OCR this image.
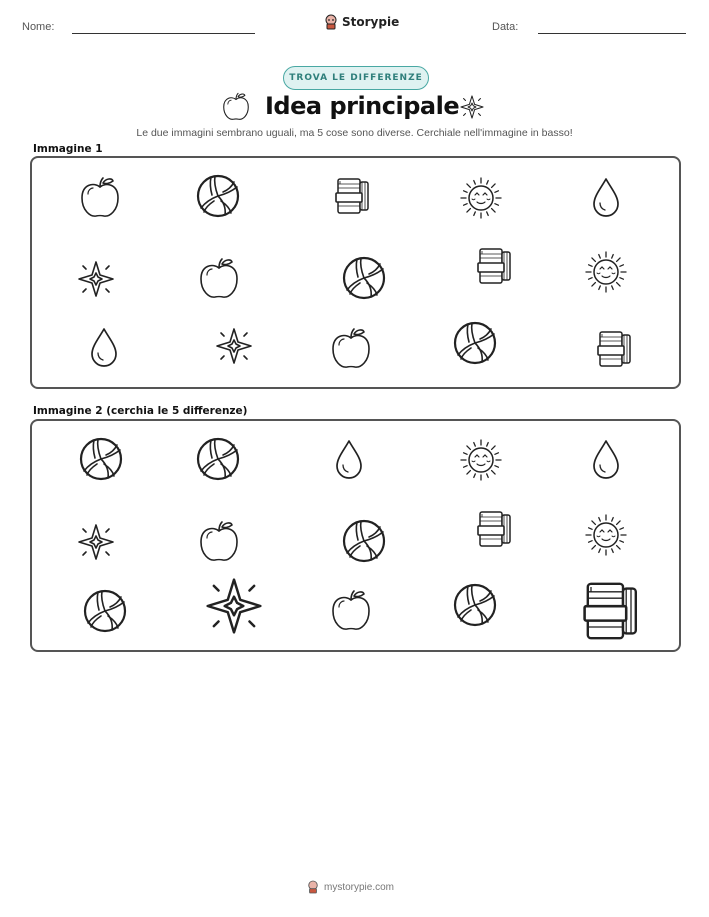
Nome:	Storypie	Data:
TROVA LE DIFFERENZE
Idea principale
Le due immagini sembrano uguali, ma 5 cose sono diverse. Cerchiale nell'immagine in basso!
Immagine 1
Immagine 2 (cerchia le 5 differenze)
mystorypie.com
